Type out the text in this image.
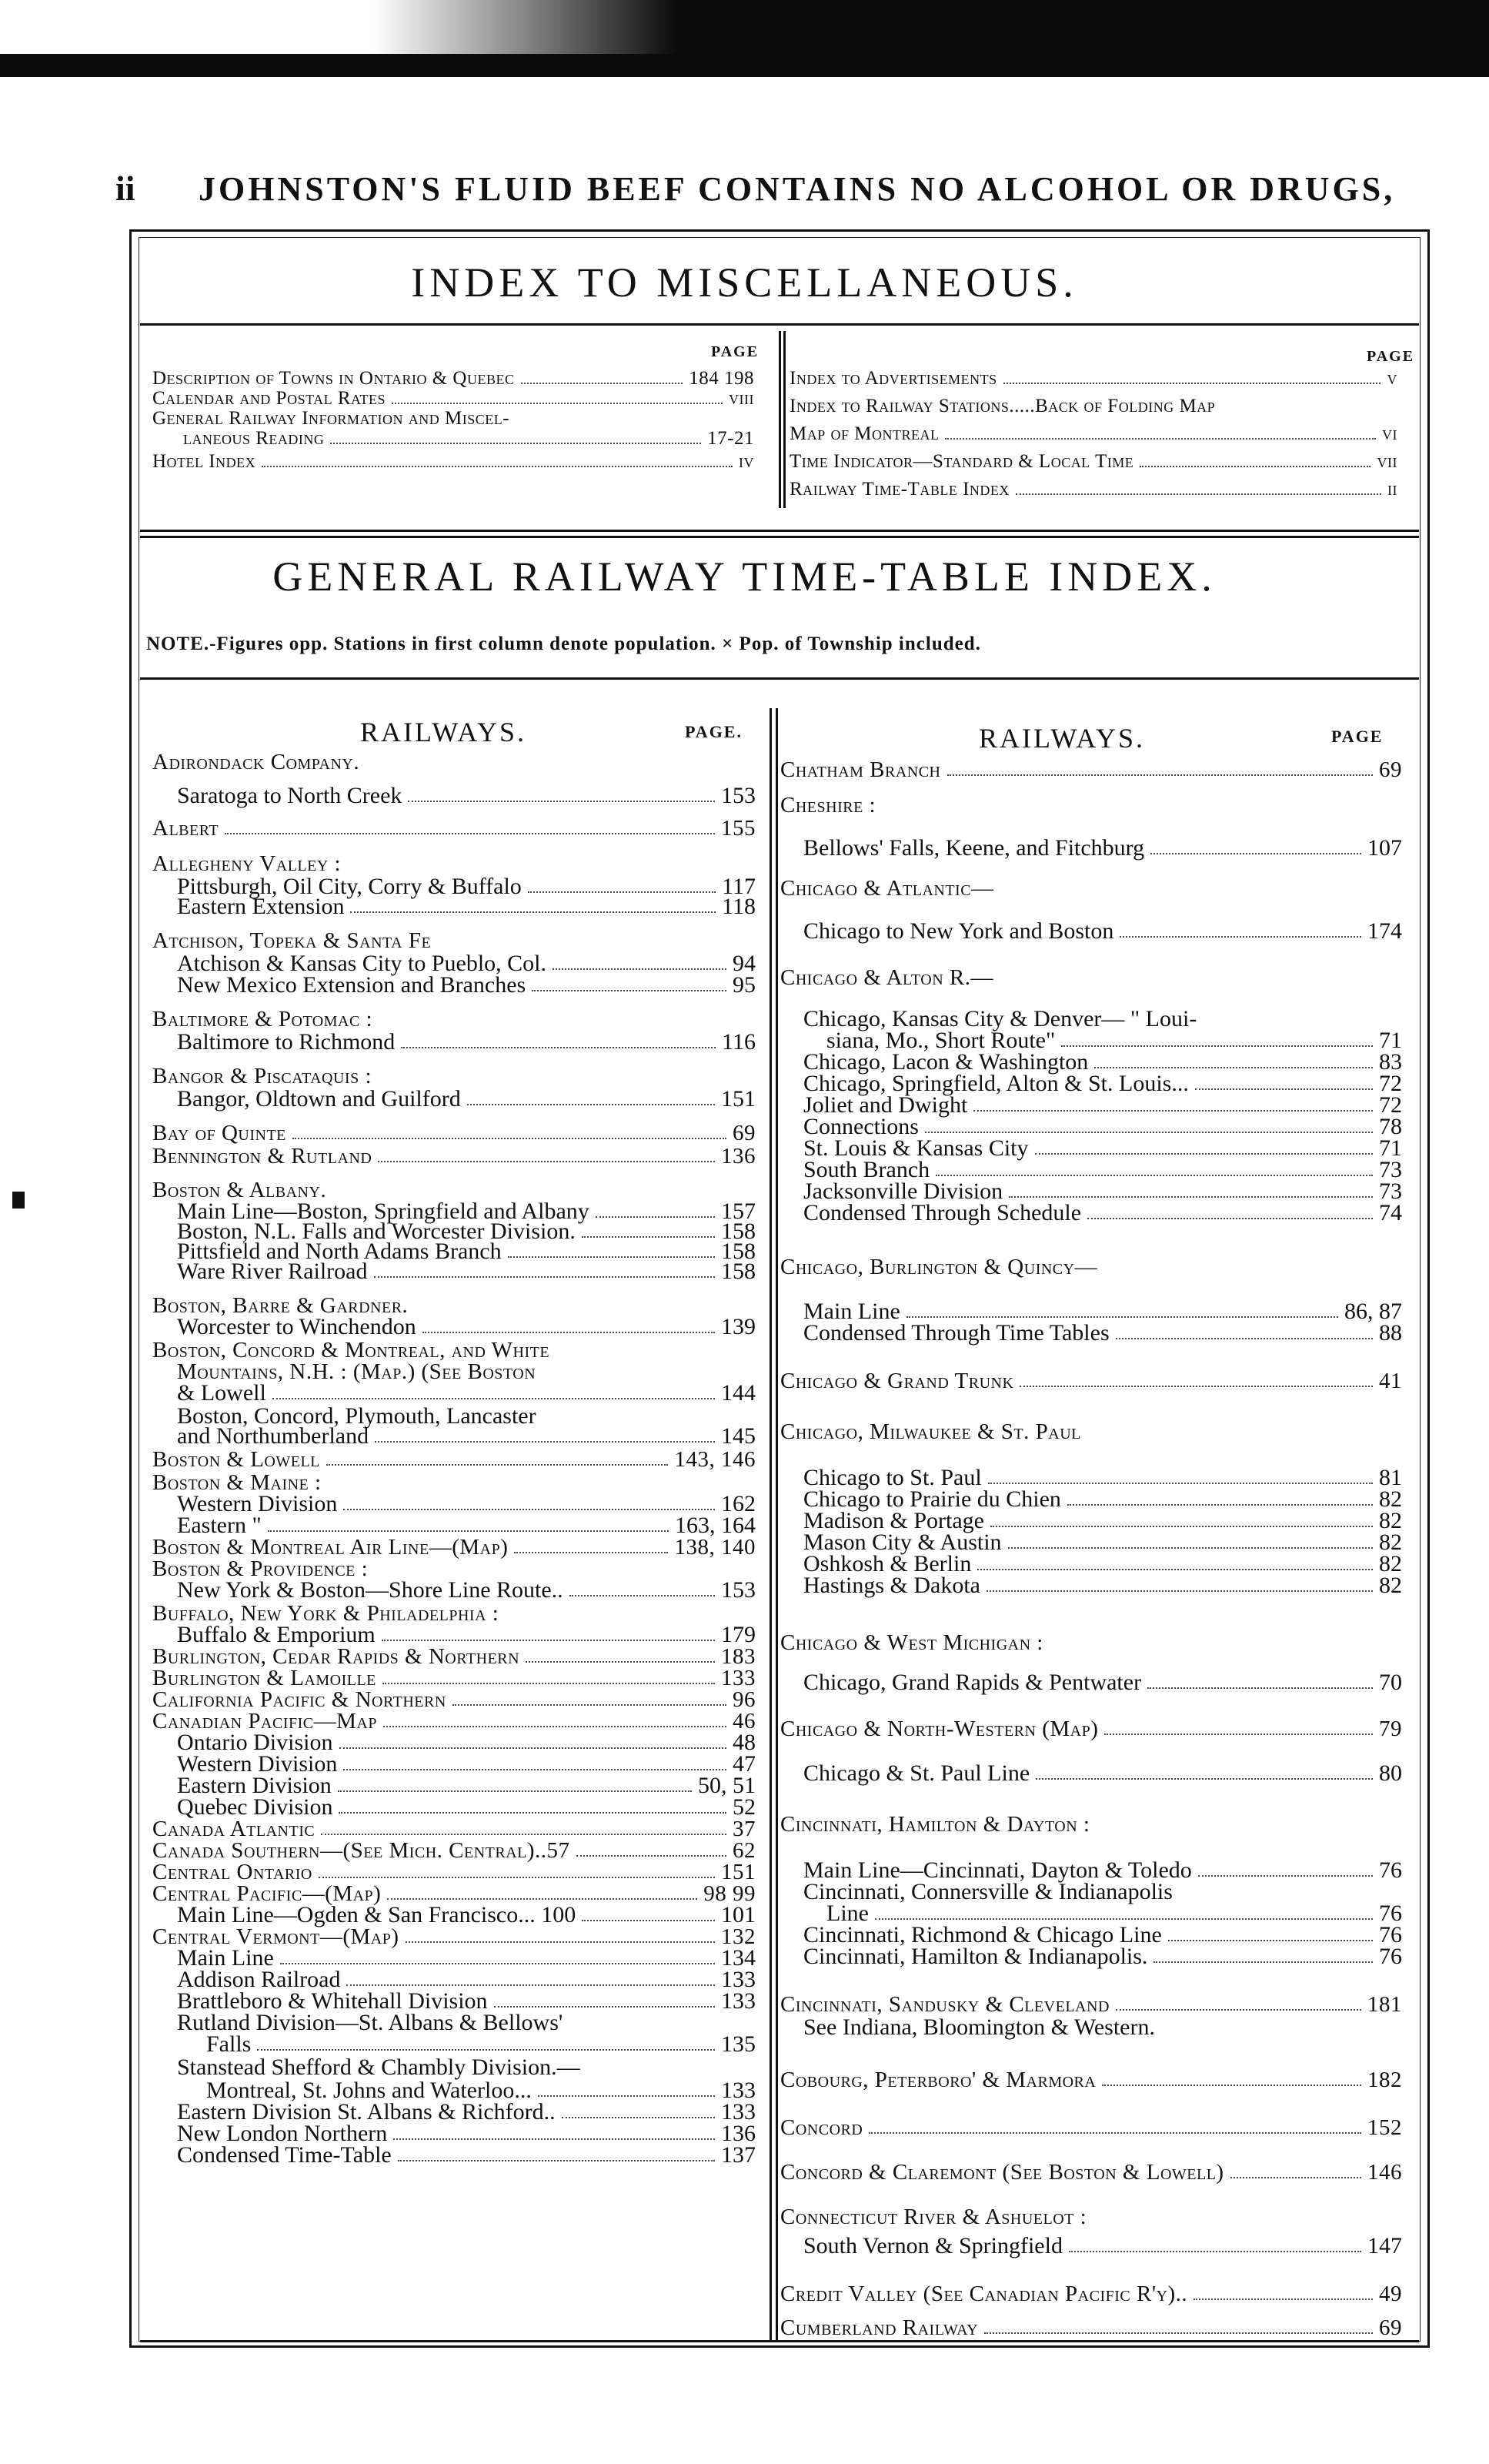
ii JOHNSTON'S FLUID BEEF CONTAINS NO ALCOHOL OR DRUGS,
INDEX TO MISCELLANEOUS.
PAGE	PAGE
Description of Towns in Ontario & Quebec	184 198
Calendar and Postal Rates	viii
General Railway Information and Miscel-
laneous Reading	17-21
Hotel Index	iv
Index to Advertisements	v
Index to Railway Stations.....Back of Folding Map
Map of Montreal	vi
Time Indicator—Standard & Local Time	vii
Railway Time-Table Index	ii
GENERAL RAILWAY TIME-TABLE INDEX.
NOTE.-Figures opp. Stations in first column denote population. × Pop. of Township included.
RAILWAYS.	PAGE.	RAILWAYS.	PAGE
Adirondack Company.
Saratoga to North Creek	153
Albert	155
Allegheny Valley :
Pittsburgh, Oil City, Corry & Buffalo	117
Eastern Extension	118
Atchison, Topeka & Santa Fe
Atchison & Kansas City to Pueblo, Col.	94
New Mexico Extension and Branches	95
Baltimore & Potomac :
Baltimore to Richmond	116
Bangor & Piscataquis :
Bangor, Oldtown and Guilford	151
Bay of Quinte	69
Bennington & Rutland	136
Boston & Albany.
Main Line—Boston, Springfield and Albany	157
Boston, N.L. Falls and Worcester Division.	158
Pittsfield and North Adams Branch	158
Ware River Railroad	158
Boston, Barre & Gardner.
Worcester to Winchendon	139
Boston, Concord & Montreal, and White
Mountains, N.H. : (Map.) (See Boston
& Lowell	144
Boston, Concord, Plymouth, Lancaster
and Northumberland	145
Boston & Lowell	143, 146
Boston & Maine :
Western Division	162
Eastern "	163, 164
Boston & Montreal Air Line—(Map)	138, 140
Boston & Providence :
New York & Boston—Shore Line Route..	153
Buffalo, New York & Philadelphia :
Buffalo & Emporium	179
Burlington, Cedar Rapids & Northern	183
Burlington & Lamoille	133
California Pacific & Northern	96
Canadian Pacific—Map	46
Ontario Division	48
Western Division	47
Eastern Division	50, 51
Quebec Division	52
Canada Atlantic	37
Canada Southern—(See Mich. Central)..57	62
Central Ontario	151
Central Pacific—(Map)	98 99
Main Line—Ogden & San Francisco... 100	101
Central Vermont—(Map)	132
Main Line	134
Addison Railroad	133
Brattleboro & Whitehall Division	133
Rutland Division—St. Albans & Bellows'
Falls	135
Stanstead Shefford & Chambly Division.—
Montreal, St. Johns and Waterloo...	133
Eastern Division St. Albans & Richford..	133
New London Northern	136
Condensed Time-Table	137
Chatham Branch	69
Cheshire :
Bellows' Falls, Keene, and Fitchburg	107
Chicago & Atlantic—
Chicago to New York and Boston	174
Chicago & Alton R.—
Chicago, Kansas City & Denver— " Loui-
siana, Mo., Short Route"	71
Chicago, Lacon & Washington	83
Chicago, Springfield, Alton & St. Louis...	72
Joliet and Dwight	72
Connections	78
St. Louis & Kansas City	71
South Branch	73
Jacksonville Division	73
Condensed Through Schedule	74
Chicago, Burlington & Quincy—
Main Line	86, 87
Condensed Through Time Tables	88
Chicago & Grand Trunk	41
Chicago, Milwaukee & St. Paul
Chicago to St. Paul	81
Chicago to Prairie du Chien	82
Madison & Portage	82
Mason City & Austin	82
Oshkosh & Berlin	82
Hastings & Dakota	82
Chicago & West Michigan :
Chicago, Grand Rapids & Pentwater	70
Chicago & North-Western (Map)	79
Chicago & St. Paul Line	80
Cincinnati, Hamilton & Dayton :
Main Line—Cincinnati, Dayton & Toledo	76
Cincinnati, Connersville & Indianapolis
Line	76
Cincinnati, Richmond & Chicago Line	76
Cincinnati, Hamilton & Indianapolis.	76
Cincinnati, Sandusky & Cleveland	181
See Indiana, Bloomington & Western.
Cobourg, Peterboro' & Marmora	182
Concord	152
Concord & Claremont (See Boston & Lowell)	146
Connecticut River & Ashuelot :
South Vernon & Springfield	147
Credit Valley (See Canadian Pacific R'y)..	49
Cumberland Railway	69
